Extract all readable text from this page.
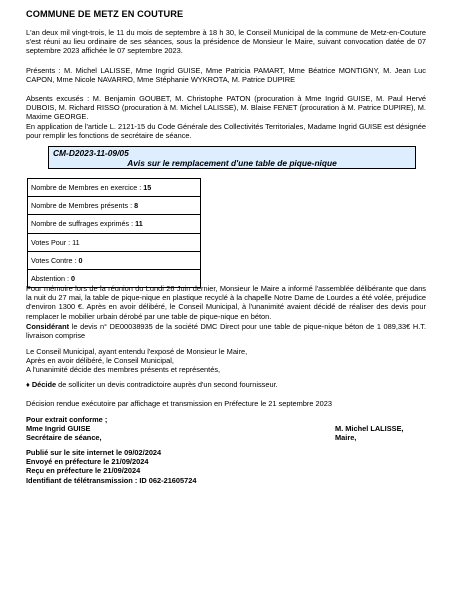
COMMUNE DE METZ EN COUTURE

L'an deux mil vingt-trois, le 11 du mois de septembre à 18 h 30, le Conseil Municipal de la commune de Metz-en-Couture s'est réuni au lieu ordinaire de ses séances, sous la présidence de Monsieur le Maire, suivant convocation datée de 07 septembre 2023 affichée le 07 septembre 2023.

Présents : M. Michel LALISSE, Mme Ingrid GUISE, Mme Patricia PAMART, Mme Béatrice MONTIGNY, M. Jean Luc CAPON, Mme Nicole NAVARRO, Mme Stéphanie WYKROTA, M. Patrice DUPIRE

Absents excusés : M. Benjamin GOUBET, M. Christophe PATON (procuration à Mme Ingrid GUISE, M. Paul Hervé DUBOIS, M. Richard RISSO (procuration à M. Michel LALISSE), M. Blaise FENET (procuration à M. Patrice DUPIRE), M. Maxime GEORGE.

En application de l'article L. 2121-15 du Code Générale des Collectivités Territoriales, Madame Ingrid GUISE est désignée pour remplir les fonctions de secrétaire de séance.

CM-D2023-11-09/05
Avis sur le remplacement d'une table de pique-nique
Nombre de Membres en exercice : 15
Nombre de Membres présents : 8
Nombre de suffrages exprimés : 11
Votes Pour : 11
Votes Contre : 0
Abstention : 0

Pour mémoire lors de la réunion du Lundi 26 Juin dernier, Monsieur le Maire a informé l'assemblée délibérante que dans la nuit du 27 mai, la table de pique-nique en plastique recyclé à la chapelle Notre Dame de Lourdes a été volée, préjudice d'environ 1300 €. Après en avoir délibéré, le Conseil Municipal, à l'unanimité avaient décidé de réaliser des devis pour remplacer le mobilier urbain dérobé par une table de pique-nique en béton.

Considérant le devis n° DE00038935 de la société DMC Direct pour une table de pique-nique béton de 1 089,33€ H.T. livraison comprise

Le Conseil Municipal, ayant entendu l'exposé de Monsieur le Maire,

Après en avoir délibéré, le Conseil Municipal,

A l'unanimité décide des membres présents et représentés,

♦ Décide de solliciter un devis contradictoire auprès d'un second fournisseur.

Décision rendue exécutoire par affichage et transmission en Préfecture le 21 septembre 2023

Pour extrait conforme ;

Mme Ingrid GUISE

Secrétaire de séance,

M. Michel LALISSE,

Maire,

Publié sur le site internet le 09/02/2024

Envoyé en préfecture le 21/09/2024

Reçu en préfecture le 21/09/2024

Identifiant de télétransmission : ID 062-21605724
